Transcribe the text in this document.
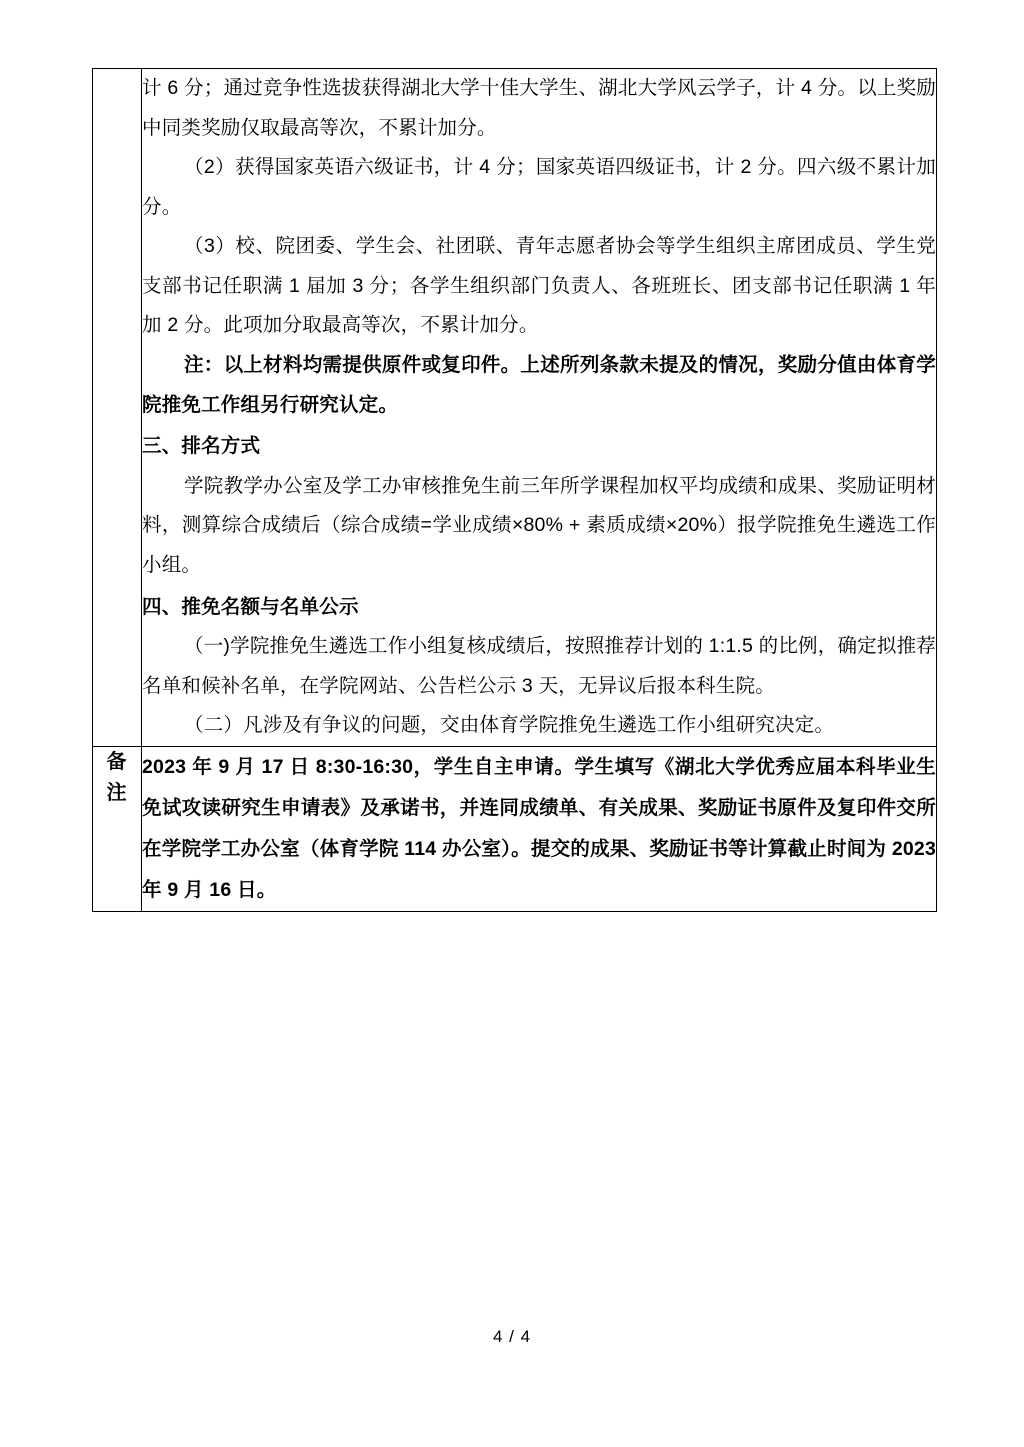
计 6 分；通过竞争性选拔获得湖北大学十佳大学生、湖北大学风云学子，计 4 分。以上奖励中同类奖励仅取最高等次，不累计加分。

（2）获得国家英语六级证书，计 4 分；国家英语四级证书，计 2 分。四六级不累计加分。

（3）校、院团委、学生会、社团联、青年志愿者协会等学生组织主席团成员、学生党支部书记任职满 1 届加 3 分；各学生组织部门负责人、各班班长、团支部书记任职满 1 年加 2 分。此项加分取最高等次，不累计加分。

注：以上材料均需提供原件或复印件。上述所列条款未提及的情况，奖励分值由体育学院推免工作组另行研究认定。

三、排名方式

学院教学办公室及学工办审核推免生前三年所学课程加权平均成绩和成果、奖励证明材料，测算综合成绩后（综合成绩=学业成绩×80% + 素质成绩×20%）报学院推免生遴选工作小组。

四、推免名额与名单公示

（一)学院推免生遴选工作小组复核成绩后，按照推荐计划的 1:1.5 的比例，确定拟推荐名单和候补名单，在学院网站、公告栏公示 3 天，无异议后报本科生院。

（二）凡涉及有争议的问题，交由体育学院推免生遴选工作小组研究决定。

备
注	2023 年 9 月 17 日 8:30-16:30，学生自主申请。学生填写《湖北大学优秀应届本科毕业生免试攻读研究生申请表》及承诺书，并连同成绩单、有关成果、奖励证书原件及复印件交所在学院学工办公室（体育学院 114 办公室）。提交的成果、奖励证书等计算截止时间为 2023 年 9 月 16 日。

4 / 4
